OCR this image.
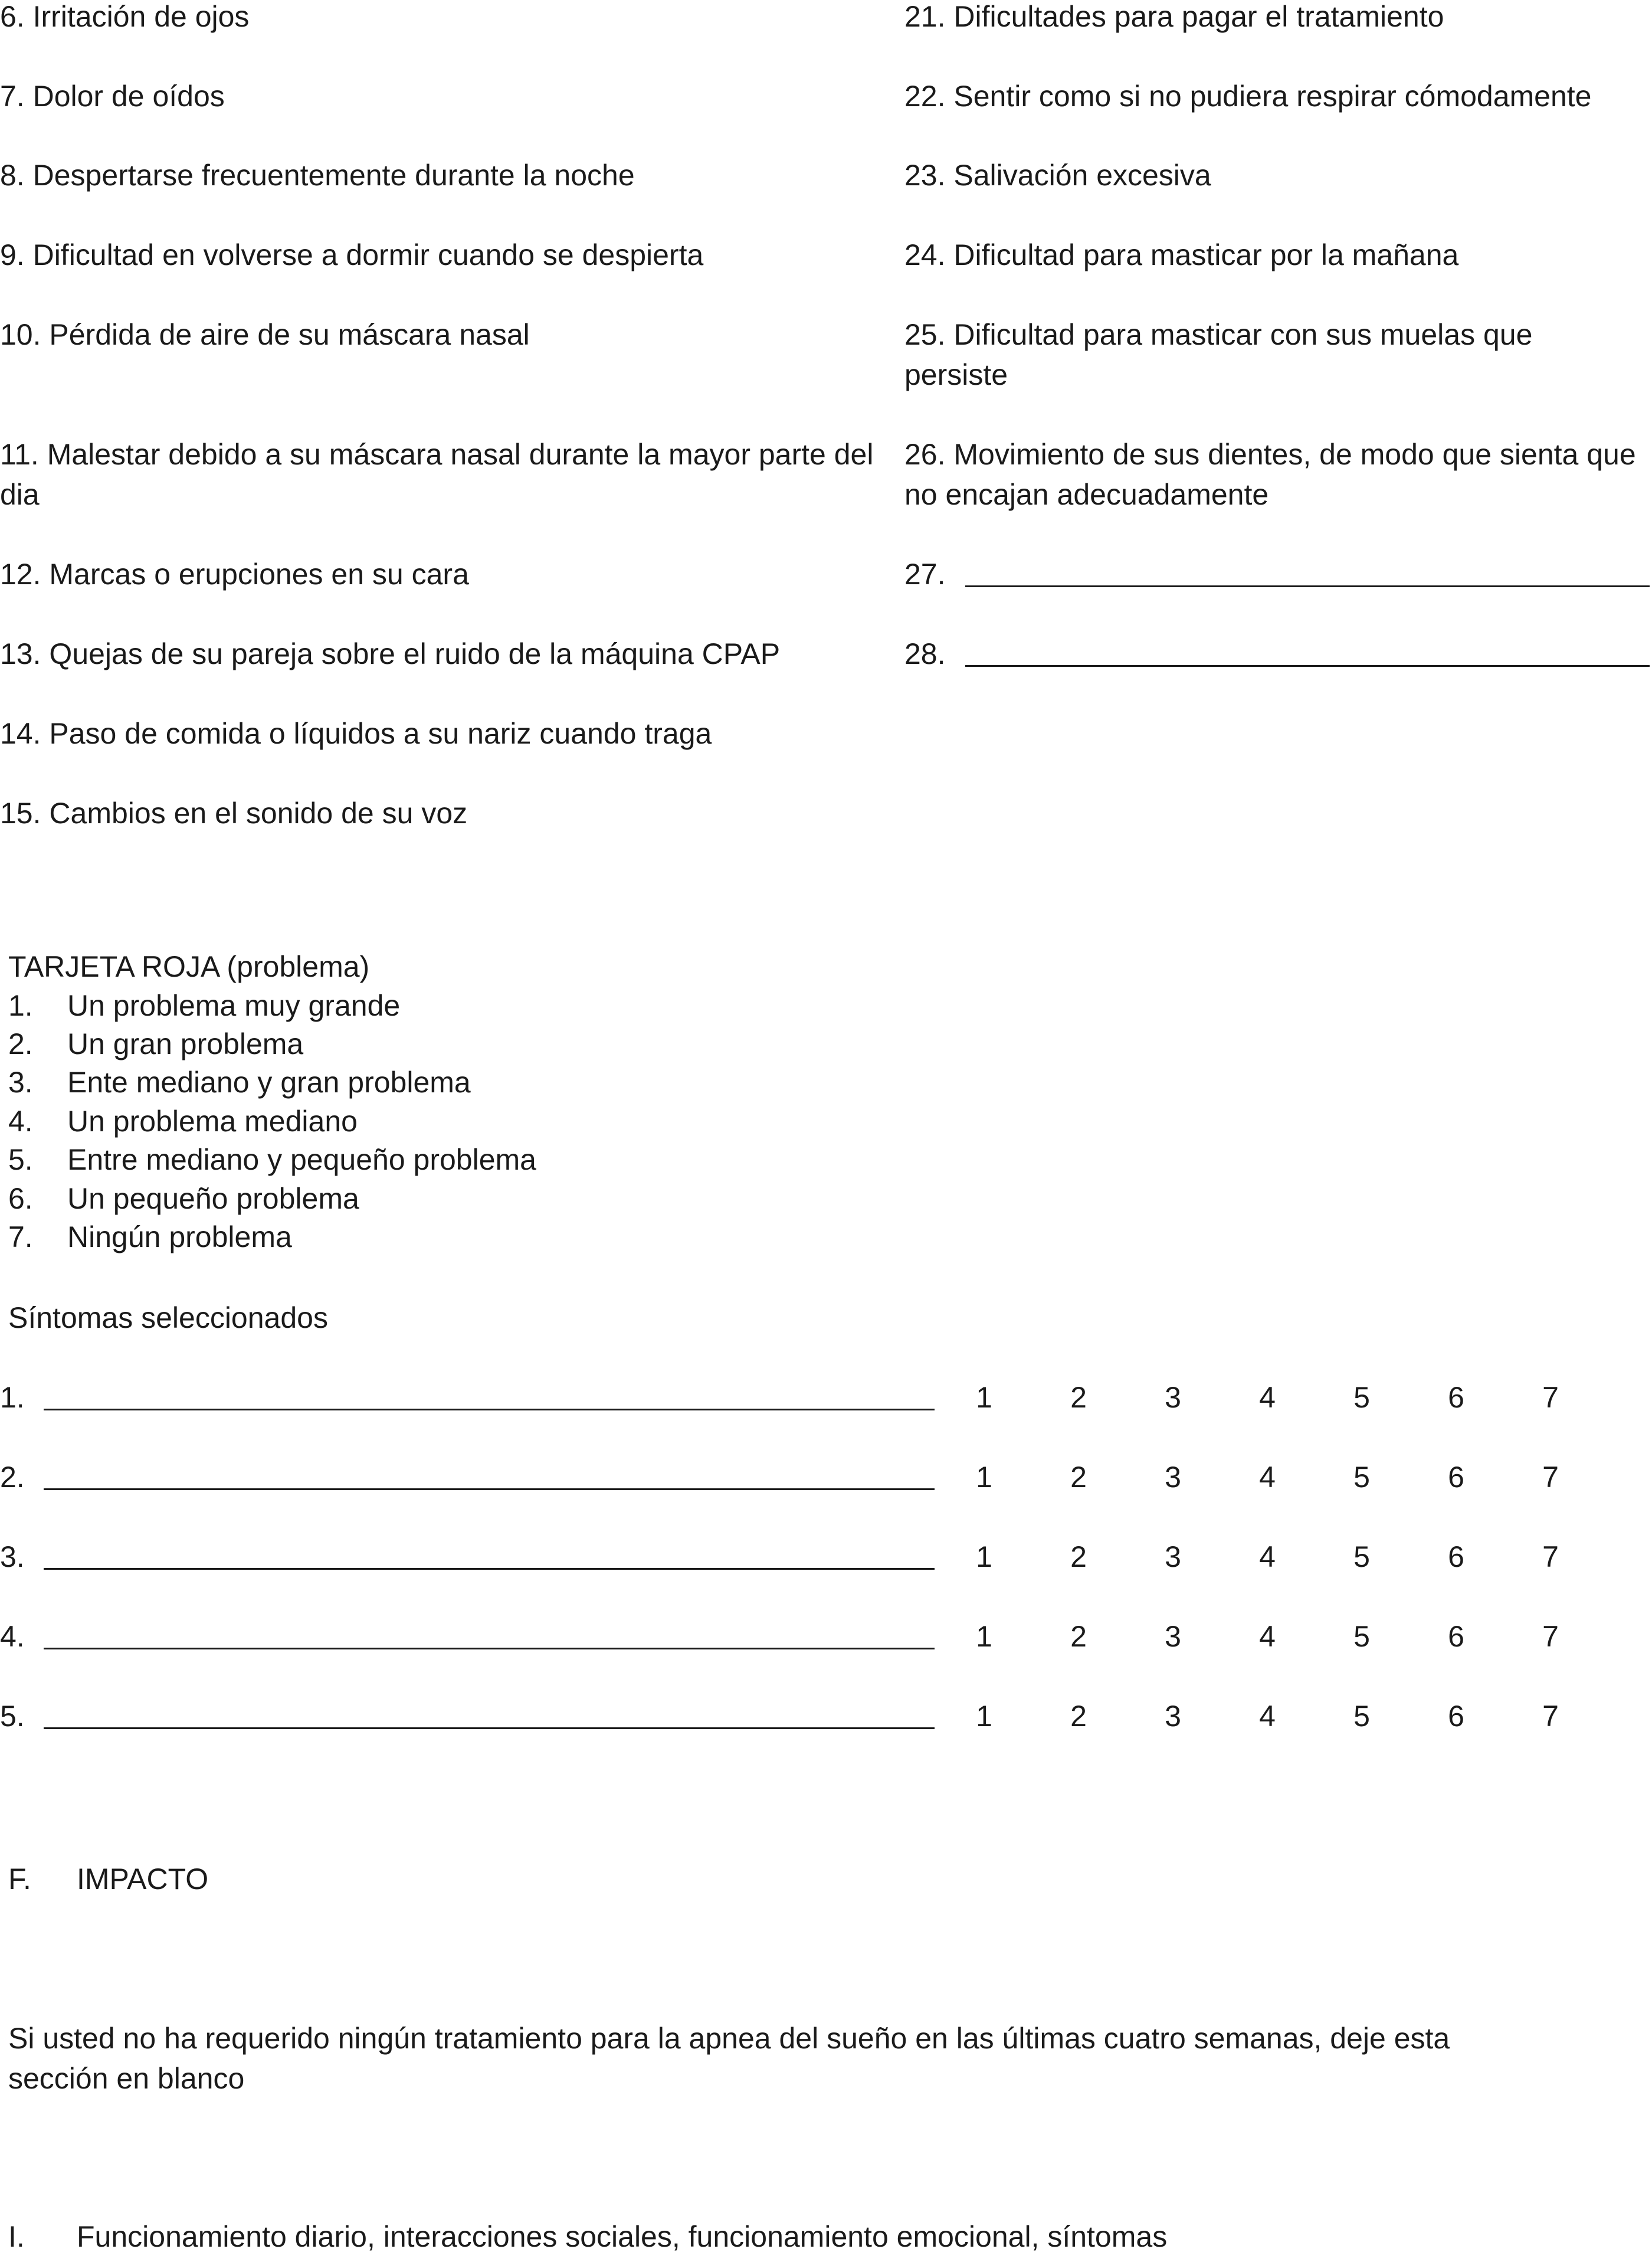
6. Irritación de ojos
7. Dolor de oídos
8. Despertarse frecuentemente durante la noche
9. Dificultad en volverse a dormir cuando se despierta
10. Pérdida de aire de su máscara nasal
11. Malestar debido a su máscara nasal durante la mayor parte del dia
12. Marcas o erupciones en su cara
13. Quejas de su pareja sobre el ruido de la máquina CPAP
14. Paso de comida o líquidos a su nariz cuando traga
15. Cambios en el sonido de su voz
21. Dificultades para pagar el tratamiento
22. Sentir como si no pudiera respirar cómodamente
23. Salivación excesiva
24. Dificultad para masticar por la mañana
25. Dificultad para masticar con sus muelas que persiste
26. Movimiento de sus dientes, de modo que sienta que no encajan adecuadamente
27.
28.
TARJETA ROJA (problema)
1. Un problema muy grande
2. Un gran problema
3. Ente mediano y gran problema
4. Un problema mediano
5. Entre mediano y pequeño problema
6. Un pequeño problema
7. Ningún problema
Síntomas seleccionados
1.	1	2	3	4	5	6	7
2.	1	2	3	4	5	6	7
3.	1	2	3	4	5	6	7
4.	1	2	3	4	5	6	7
5.	1	2	3	4	5	6	7
F. IMPACTO
Si usted no ha requerido ningún tratamiento para la apnea del sueño en las últimas cuatro semanas, deje esta sección en blanco
I. Funcionamiento diario, interacciones sociales, funcionamiento emocional, síntomas
